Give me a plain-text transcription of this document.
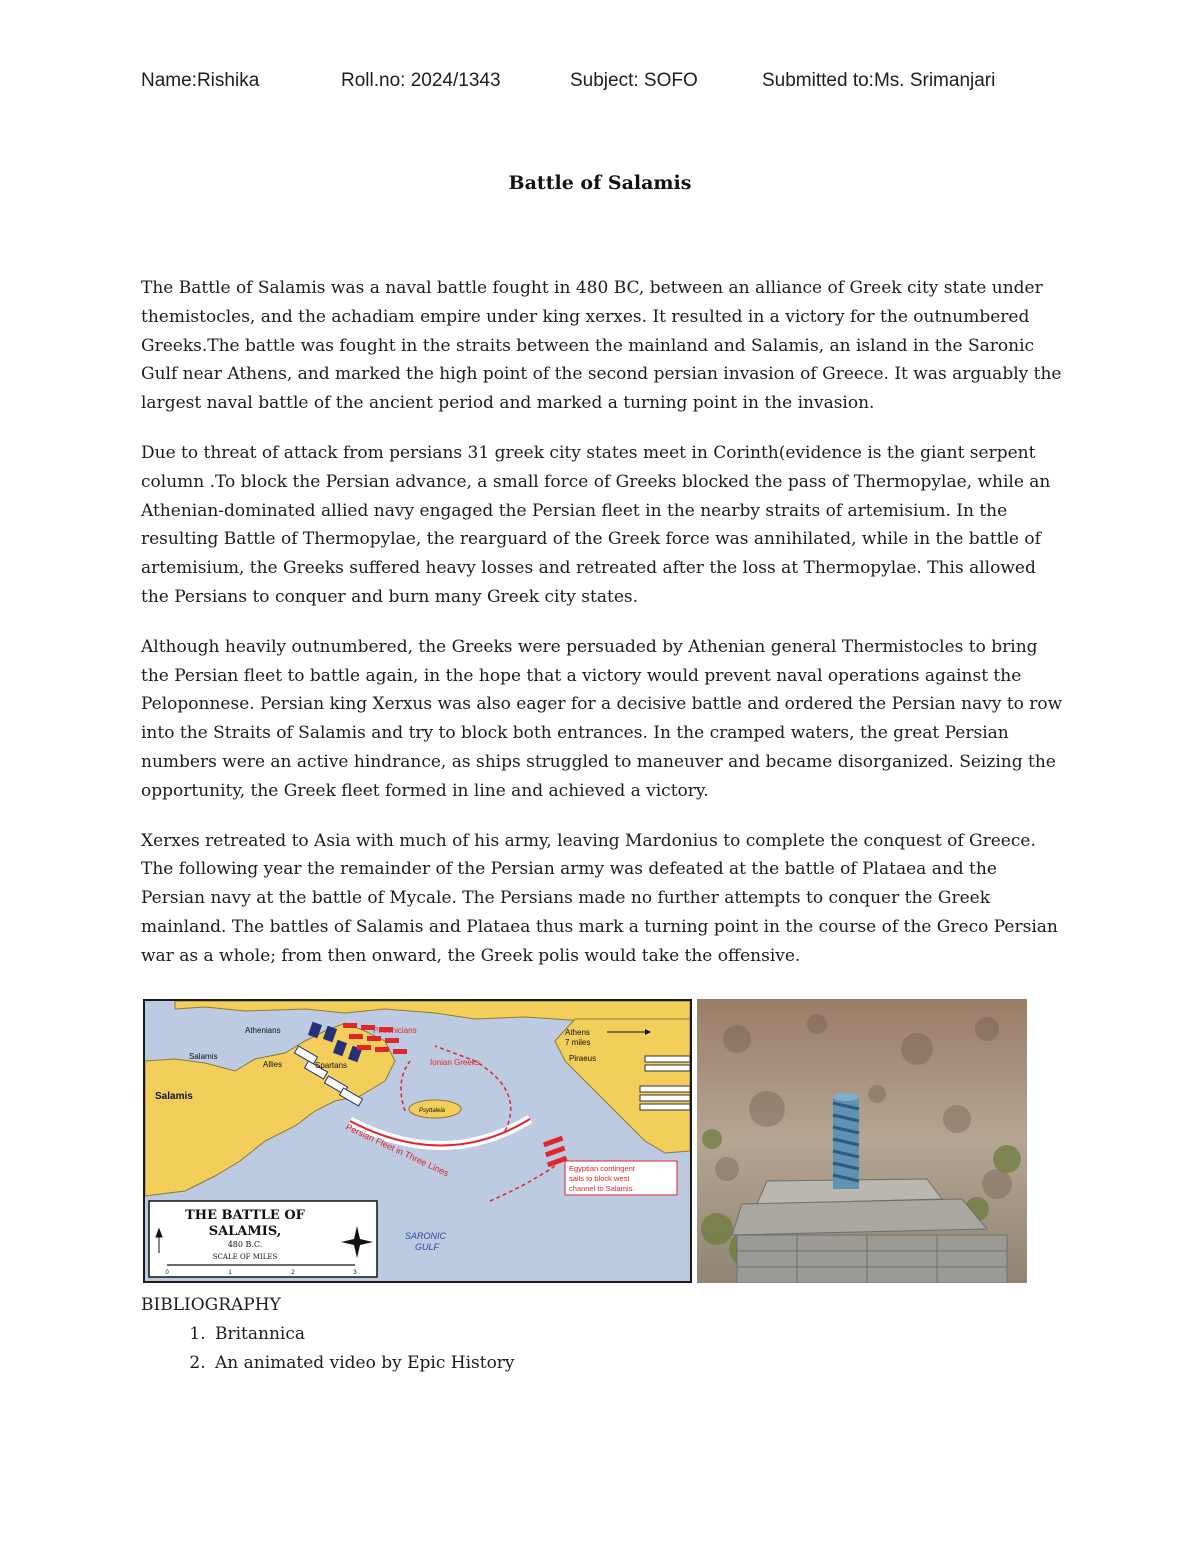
Name:Rishika	Roll.no: 2024/1343	Subject: SOFO	Submitted to:Ms. Srimanjari
Battle of Salamis

The Battle of Salamis was a naval battle fought in 480 BC, between an alliance of Greek city state under themistocles, and the achadiam empire under king xerxes. It resulted in a victory for the outnumbered Greeks.The battle was fought in the straits between the mainland and Salamis, an island in the Saronic Gulf near Athens, and marked the high point of the second persian invasion of Greece. It was arguably the largest naval battle of the ancient period and marked a turning point in the invasion.

Due to threat of attack from persians 31 greek city states meet in Corinth(evidence is the giant serpent column .To block the Persian advance, a small force of Greeks blocked the pass of Thermopylae, while an Athenian-dominated allied navy engaged the Persian fleet in the nearby straits of artemisium. In the resulting Battle of Thermopylae, the rearguard of the Greek force was annihilated, while in the battle of artemisium, the Greeks suffered heavy losses and retreated after the loss at Thermopylae. This allowed the Persians to conquer and burn many Greek city states.

Although heavily outnumbered, the Greeks were persuaded by Athenian general Thermistocles to bring the Persian fleet to battle again, in the hope that a victory would prevent naval operations against the Peloponnese. Persian king Xerxus was also eager for a decisive battle and ordered the Persian navy to row into the Straits of Salamis and try to block both entrances. In the cramped waters, the great Persian numbers were an active hindrance, as ships struggled to maneuver and became disorganized. Seizing the opportunity, the Greek fleet formed in line and achieved a victory.

Xerxes retreated to Asia with much of his army, leaving Mardonius to complete the conquest of Greece. The following year the remainder of the Persian army was defeated at the battle of Plataea and the Persian navy at the battle of Mycale. The Persians made no further attempts to conquer the Greek mainland. The battles of Salamis and Plataea thus mark a turning point in the course of the Greco Persian war as a whole; from then onward, the Greek polis would take the offensive.

Athenians
Salamis
Allies	Spartans
Salamis
Psyttaleia
Athens
7 miles
Piraeus
SARONIC
GULF
Phoenicians
Ionian Greeks
Persian Fleet in Three Lines	Egyptian contingent
sails to block west
channel to Salamis.
THE BATTLE OF
SALAMIS,
480 B.C.
SCALE OF MILES
0	1	2	3

BIBLIOGRAPHY

1. Britannica
2. An animated video by Epic History
